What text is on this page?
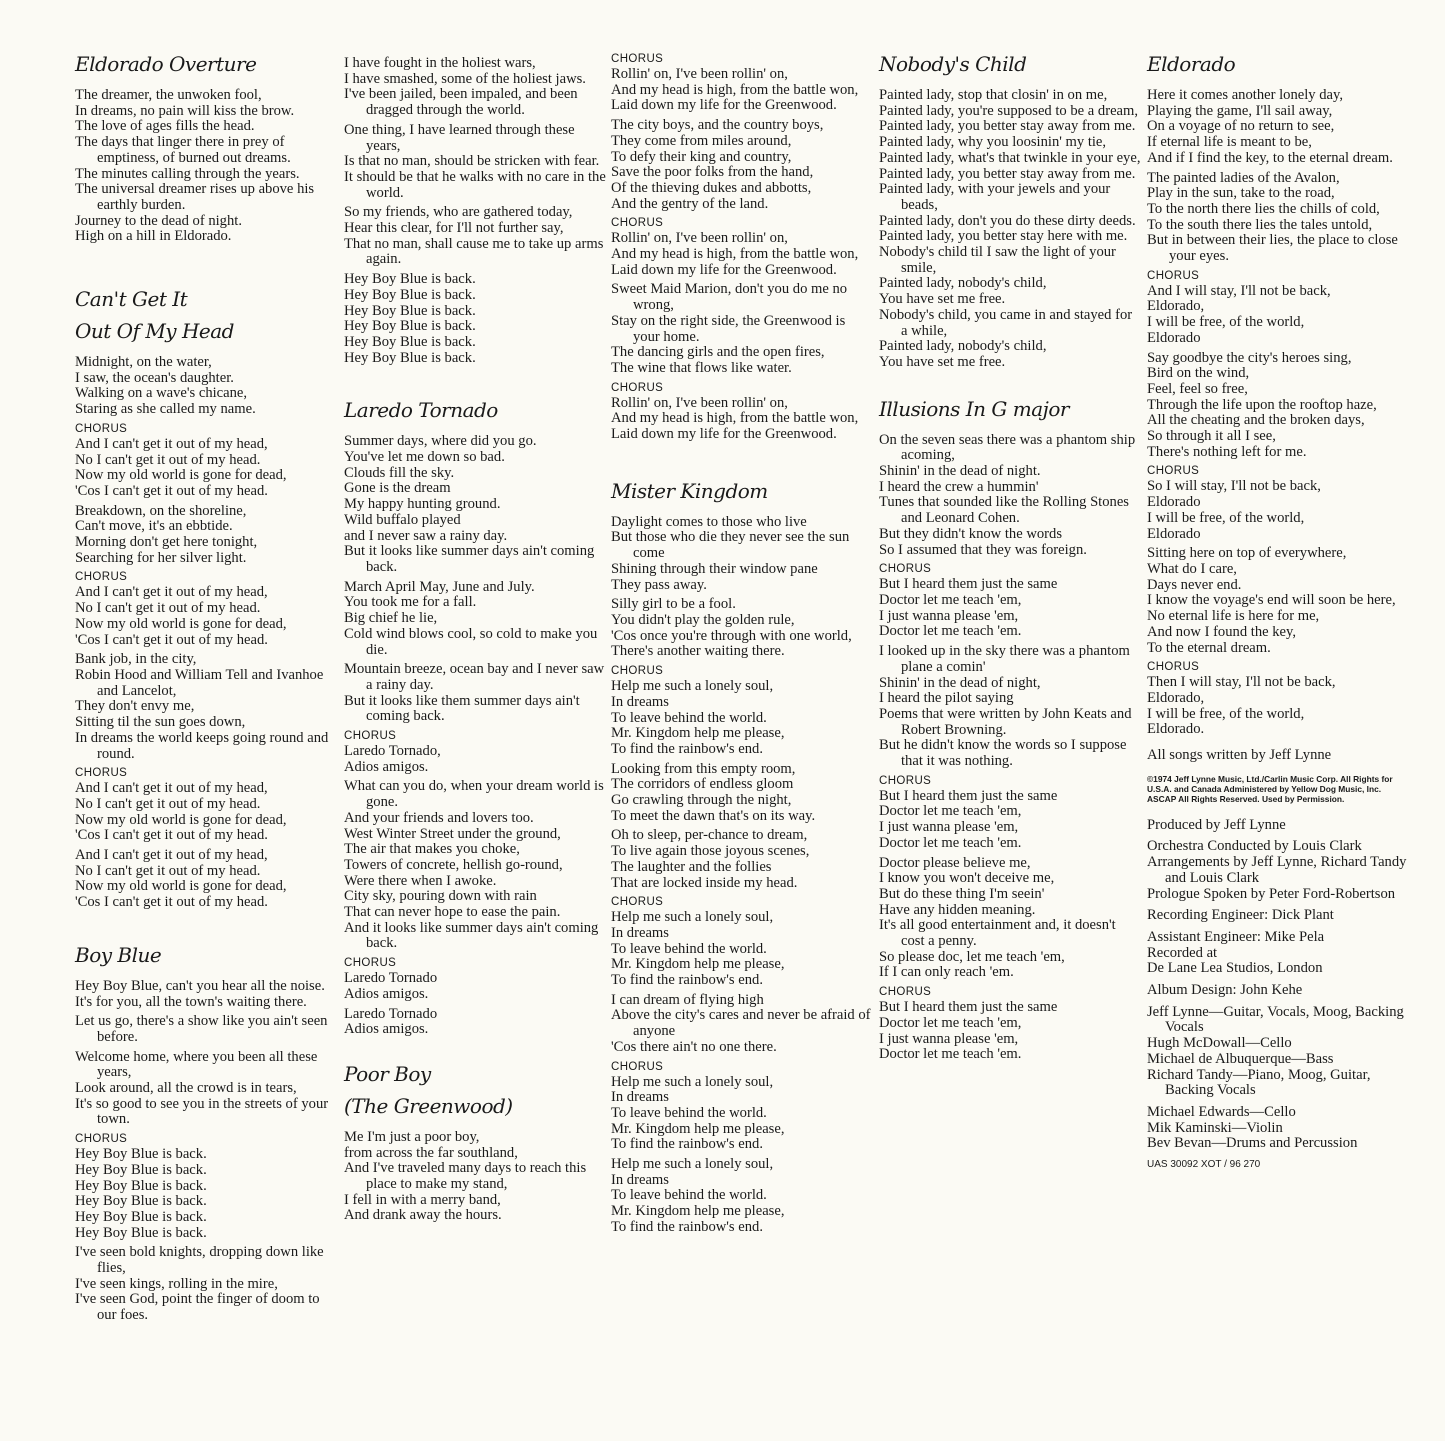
Eldorado Overture
The dreamer, the unwoken fool,
In dreams, no pain will kiss the brow.
The love of ages fills the head.
The days that linger there in prey of emptiness, of burned out dreams.
The minutes calling through the years.
The universal dreamer rises up above his earthly burden.
Journey to the dead of night.
High on a hill in Eldorado.
Can't Get It
Out Of My Head
Midnight, on the water,
I saw, the ocean's daughter.
Walking on a wave's chicane,
Staring as she called my name.
CHORUS
And I can't get it out of my head,
No I can't get it out of my head.
Now my old world is gone for dead,
'Cos I can't get it out of my head.
Breakdown, on the shoreline,
Can't move, it's an ebbtide.
Morning don't get here tonight,
Searching for her silver light.
CHORUS
And I can't get it out of my head,
No I can't get it out of my head.
Now my old world is gone for dead,
'Cos I can't get it out of my head.
Bank job, in the city,
Robin Hood and William Tell and Ivanhoe and Lancelot,
They don't envy me,
Sitting til the sun goes down,
In dreams the world keeps going round and round.
CHORUS
And I can't get it out of my head,
No I can't get it out of my head.
Now my old world is gone for dead,
'Cos I can't get it out of my head.
And I can't get it out of my head,
No I can't get it out of my head.
Now my old world is gone for dead,
'Cos I can't get it out of my head.
Boy Blue
Hey Boy Blue, can't you hear all the noise.
It's for you, all the town's waiting there.
Let us go, there's a show like you ain't seen before.
Welcome home, where you been all these years,
Look around, all the crowd is in tears,
It's so good to see you in the streets of your town.
CHORUS
Hey Boy Blue is back.
Hey Boy Blue is back.
Hey Boy Blue is back.
Hey Boy Blue is back.
Hey Boy Blue is back.
Hey Boy Blue is back.
I've seen bold knights, dropping down like flies,
I've seen kings, rolling in the mire,
I've seen God, point the finger of doom to our foes.
I have fought in the holiest wars,
I have smashed, some of the holiest jaws.
I've been jailed, been impaled, and been dragged through the world.
One thing, I have learned through these years,
Is that no man, should be stricken with fear.
It should be that he walks with no care in the world.
So my friends, who are gathered today,
Hear this clear, for I'll not further say,
That no man, shall cause me to take up arms again.
Hey Boy Blue is back.
Hey Boy Blue is back.
Hey Boy Blue is back.
Hey Boy Blue is back.
Hey Boy Blue is back.
Hey Boy Blue is back.
Laredo Tornado
Summer days, where did you go.
You've let me down so bad.
Clouds fill the sky.
Gone is the dream
My happy hunting ground.
Wild buffalo played
and I never saw a rainy day.
But it looks like summer days ain't coming back.
March April May, June and July.
You took me for a fall.
Big chief he lie,
Cold wind blows cool, so cold to make you die.
Mountain breeze, ocean bay and I never saw a rainy day.
But it looks like them summer days ain't coming back.
CHORUS
Laredo Tornado,
Adios amigos.
What can you do, when your dream world is gone.
And your friends and lovers too.
West Winter Street under the ground,
The air that makes you choke,
Towers of concrete, hellish go-round,
Were there when I awoke.
City sky, pouring down with rain
That can never hope to ease the pain.
And it looks like summer days ain't coming back.
CHORUS
Laredo Tornado
Adios amigos.
Laredo Tornado
Adios amigos.
Poor Boy
(The Greenwood)
Me I'm just a poor boy,
from across the far southland,
And I've traveled many days to reach this place to make my stand,
I fell in with a merry band,
And drank away the hours.
CHORUS
Rollin' on, I've been rollin' on,
And my head is high, from the battle won,
Laid down my life for the Greenwood.
The city boys, and the country boys,
They come from miles around,
To defy their king and country,
Save the poor folks from the hand,
Of the thieving dukes and abbotts,
And the gentry of the land.
CHORUS
Rollin' on, I've been rollin' on,
And my head is high, from the battle won,
Laid down my life for the Greenwood.
Sweet Maid Marion, don't you do me no wrong,
Stay on the right side, the Greenwood is your home.
The dancing girls and the open fires,
The wine that flows like water.
CHORUS
Rollin' on, I've been rollin' on,
And my head is high, from the battle won,
Laid down my life for the Greenwood.
Mister Kingdom
Daylight comes to those who live
But those who die they never see the sun come
Shining through their window pane
They pass away.
Silly girl to be a fool.
You didn't play the golden rule,
'Cos once you're through with one world,
There's another waiting there.
CHORUS
Help me such a lonely soul,
In dreams
To leave behind the world.
Mr. Kingdom help me please,
To find the rainbow's end.
Looking from this empty room,
The corridors of endless gloom
Go crawling through the night,
To meet the dawn that's on its way.
Oh to sleep, per-chance to dream,
To live again those joyous scenes,
The laughter and the follies
That are locked inside my head.
CHORUS
Help me such a lonely soul,
In dreams
To leave behind the world.
Mr. Kingdom help me please,
To find the rainbow's end.
I can dream of flying high
Above the city's cares and never be afraid of anyone
'Cos there ain't no one there.
CHORUS
Help me such a lonely soul,
In dreams
To leave behind the world.
Mr. Kingdom help me please,
To find the rainbow's end.
Help me such a lonely soul,
In dreams
To leave behind the world.
Mr. Kingdom help me please,
To find the rainbow's end.
Nobody's Child
Painted lady, stop that closin' in on me,
Painted lady, you're supposed to be a dream,
Painted lady, you better stay away from me.
Painted lady, why you loosinin' my tie,
Painted lady, what's that twinkle in your eye,
Painted lady, you better stay away from me.
Painted lady, with your jewels and your beads,
Painted lady, don't you do these dirty deeds.
Painted lady, you better stay here with me.
Nobody's child til I saw the light of your smile,
Painted lady, nobody's child,
You have set me free.
Nobody's child, you came in and stayed for a while,
Painted lady, nobody's child,
You have set me free.
Illusions In G major
On the seven seas there was a phantom ship acoming,
Shinin' in the dead of night.
I heard the crew a hummin'
Tunes that sounded like the Rolling Stones and Leonard Cohen.
But they didn't know the words
So I assumed that they was foreign.
CHORUS
But I heard them just the same
Doctor let me teach 'em,
I just wanna please 'em,
Doctor let me teach 'em.
I looked up in the sky there was a phantom plane a comin'
Shinin' in the dead of night,
I heard the pilot saying
Poems that were written by John Keats and Robert Browning.
But he didn't know the words so I suppose that it was nothing.
CHORUS
But I heard them just the same
Doctor let me teach 'em,
I just wanna please 'em,
Doctor let me teach 'em.
Doctor please believe me,
I know you won't deceive me,
But do these thing I'm seein'
Have any hidden meaning.
It's all good entertainment and, it doesn't cost a penny.
So please doc, let me teach 'em,
If I can only reach 'em.
CHORUS
But I heard them just the same
Doctor let me teach 'em,
I just wanna please 'em,
Doctor let me teach 'em.
Eldorado
Here it comes another lonely day,
Playing the game, I'll sail away,
On a voyage of no return to see,
If eternal life is meant to be,
And if I find the key, to the eternal dream.
The painted ladies of the Avalon,
Play in the sun, take to the road,
To the north there lies the chills of cold,
To the south there lies the tales untold,
But in between their lies, the place to close your eyes.
CHORUS
And I will stay, I'll not be back,
Eldorado,
I will be free, of the world,
Eldorado
Say goodbye the city's heroes sing,
Bird on the wind,
Feel, feel so free,
Through the life upon the rooftop haze,
All the cheating and the broken days,
So through it all I see,
There's nothing left for me.
CHORUS
So I will stay, I'll not be back,
Eldorado
I will be free, of the world,
Eldorado
Sitting here on top of everywhere,
What do I care,
Days never end.
I know the voyage's end will soon be here,
No eternal life is here for me,
And now I found the key,
To the eternal dream.
CHORUS
Then I will stay, I'll not be back,
Eldorado,
I will be free, of the world,
Eldorado.
All songs written by Jeff Lynne
©1974 Jeff Lynne Music, Ltd./Carlin Music Corp. All Rights for U.S.A. and Canada Administered by Yellow Dog Music, Inc. ASCAP All Rights Reserved. Used by Permission.
Produced by Jeff Lynne
Orchestra Conducted by Louis Clark
Arrangements by Jeff Lynne, Richard Tandy and Louis Clark
Prologue Spoken by Peter Ford-Robertson
Recording Engineer: Dick Plant
Assistant Engineer: Mike Pela
Recorded at
De Lane Lea Studios, London
Album Design: John Kehe
Jeff Lynne—Guitar, Vocals, Moog, Backing Vocals
Hugh McDowall—Cello
Michael de Albuquerque—Bass
Richard Tandy—Piano, Moog, Guitar, Backing Vocals
Michael Edwards—Cello
Mik Kaminski—Violin
Bev Bevan—Drums and Percussion
UAS 30092 XOT / 96 270
